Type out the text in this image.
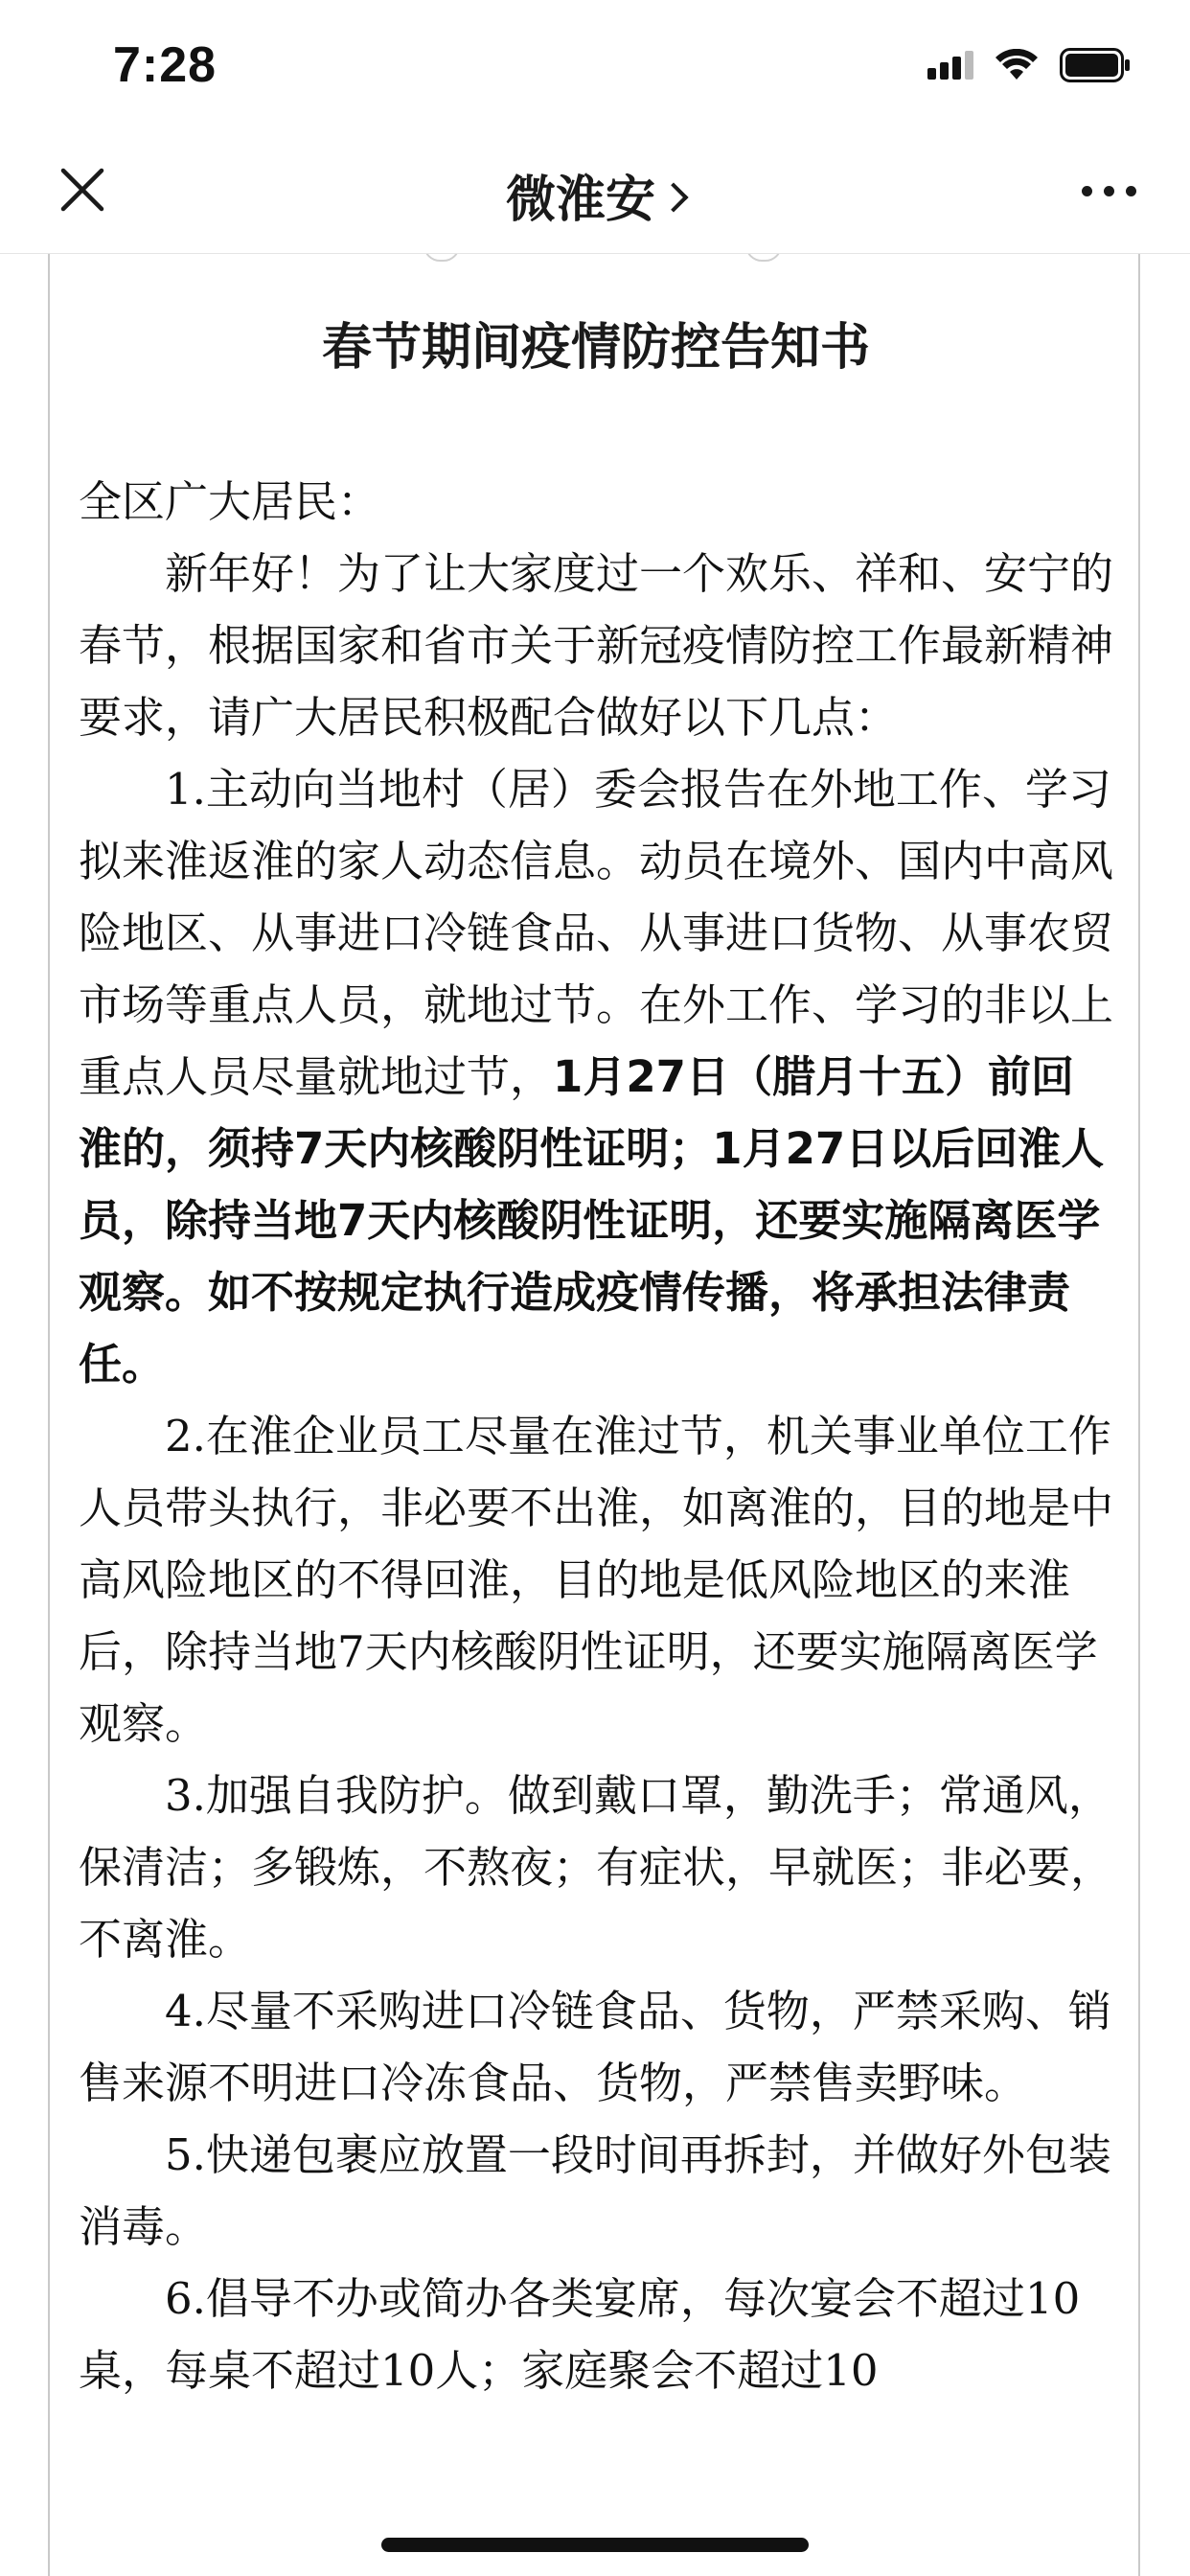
7:28
微淮安
春节期间疫情防控告知书

全区广大居民：

新年好！为了让大家度过一个欢乐、祥和、安宁的春节，根据国家和省市关于新冠疫情防控工作最新精神要求，请广大居民积极配合做好以下几点：

1.主动向当地村（居）委会报告在外地工作、学习拟来淮返淮的家人动态信息。动员在境外、国内中高风险地区、从事进口冷链食品、从事进口货物、从事农贸市场等重点人员，就地过节。在外工作、学习的非以上重点人员尽量就地过节，1月27日（腊月十五）前回淮的，须持7天内核酸阴性证明；1月27日以后回淮人员，除持当地7天内核酸阴性证明，还要实施隔离医学观察。如不按规定执行造成疫情传播，将承担法律责任。

2.在淮企业员工尽量在淮过节，机关事业单位工作人员带头执行，非必要不出淮，如离淮的，目的地是中高风险地区的不得回淮，目的地是低风险地区的来淮后，除持当地7天内核酸阴性证明，还要实施隔离医学观察。

3.加强自我防护。做到戴口罩，勤洗手；常通风，保清洁；多锻炼，不熬夜；有症状，早就医；非必要，不离淮。

4.尽量不采购进口冷链食品、货物，严禁采购、销售来源不明进口冷冻食品、货物，严禁售卖野味。

5.快递包裹应放置一段时间再拆封，并做好外包装消毒。

6.倡导不办或简办各类宴席，每次宴会不超过10桌，每桌不超过10人；家庭聚会不超过10
